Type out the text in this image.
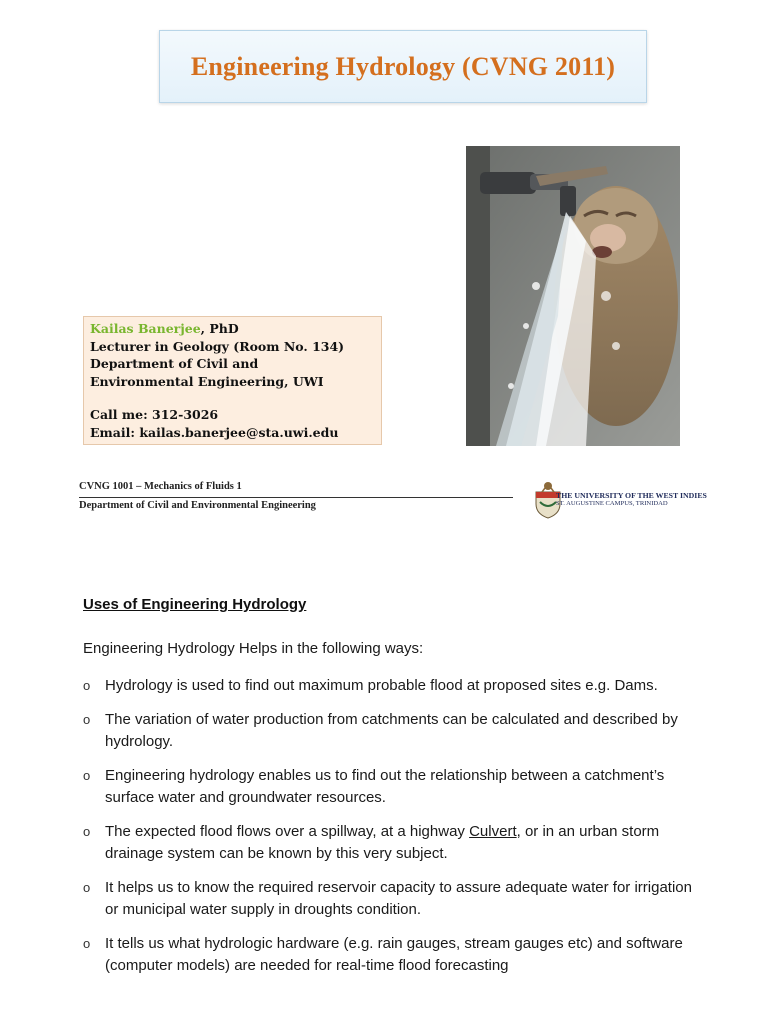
Engineering Hydrology (CVNG 2011)
Kailas Banerjee, PhD
Lecturer in Geology (Room No. 134)
Department of Civil and
Environmental Engineering, UWI
Call me: 312-3026
Email: kailas.banerjee@sta.uwi.edu
CVNG 1001 – Mechanics of Fluids 1
Department of Civil and Environmental Engineering
THE UNIVERSITY OF THE WEST INDIES
ST. AUGUSTINE CAMPUS, TRINIDAD
Uses of Engineering Hydrology

Engineering Hydrology Helps in the following ways:

o Hydrology is used to find out maximum probable flood at proposed sites e.g. Dams.
o The variation of water production from catchments can be calculated and described by hydrology.
o Engineering hydrology enables us to find out the relationship between a catchment’s surface water and groundwater resources.
o The expected flood flows over a spillway, at a highway Culvert, or in an urban storm drainage system can be known by this very subject.
o It helps us to know the required reservoir capacity to assure adequate water for irrigation or municipal water supply in droughts condition.
o It tells us what hydrologic hardware (e.g. rain gauges, stream gauges etc) and software (computer models) are needed for real-time flood forecasting
